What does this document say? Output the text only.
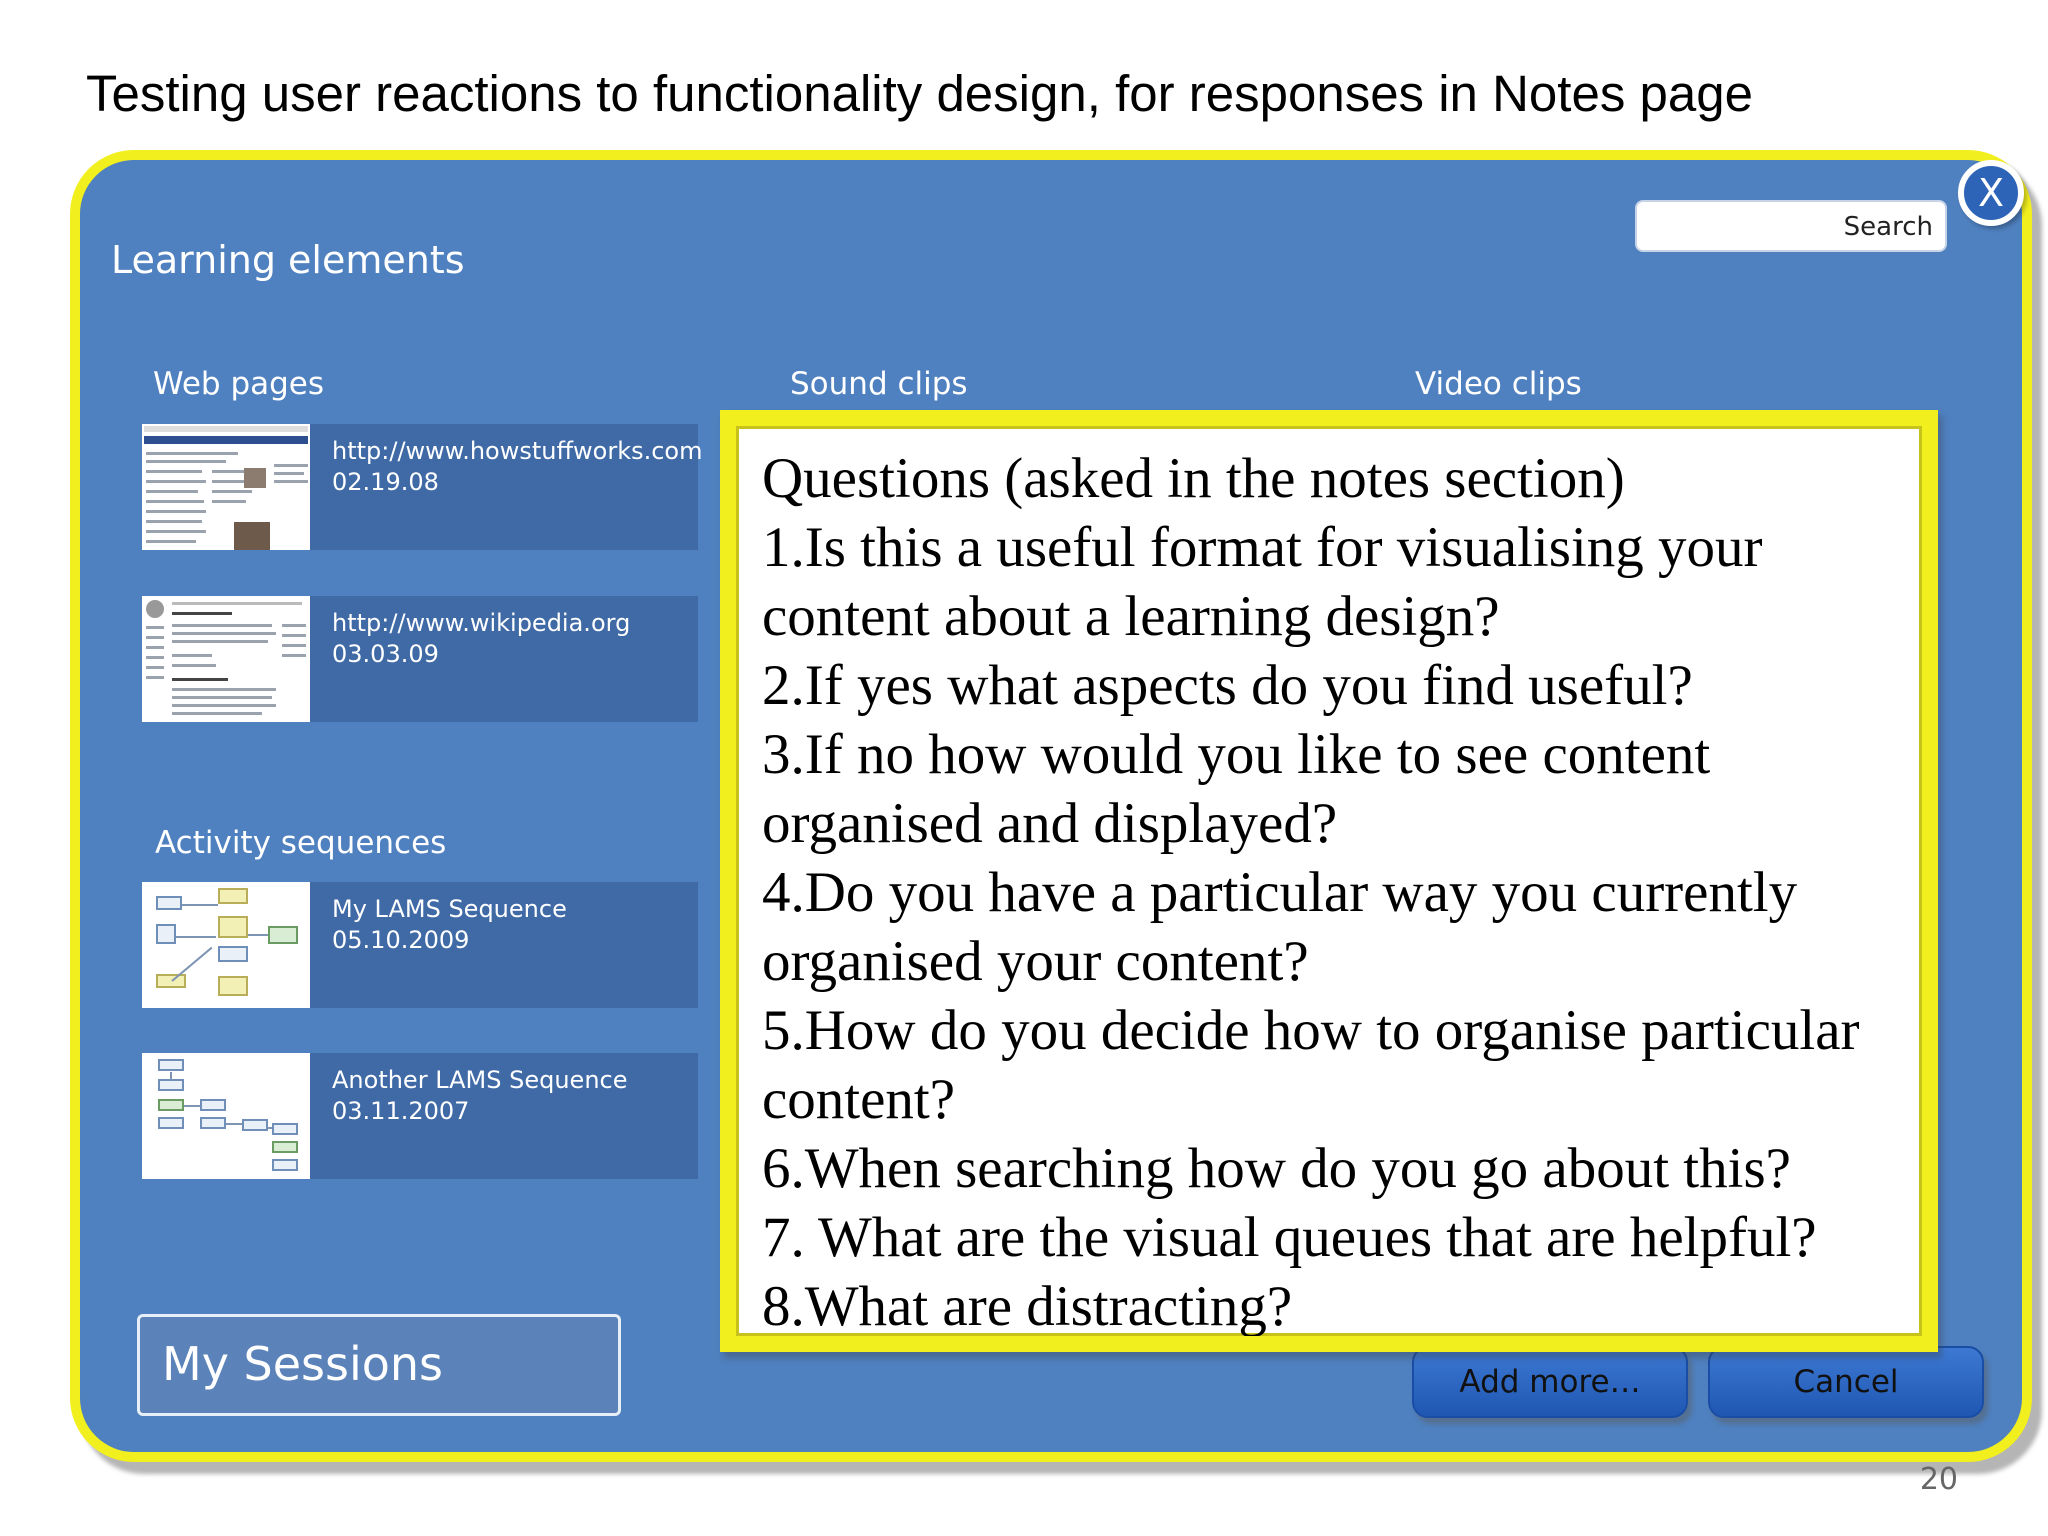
Testing user reactions to functionality design, for responses in Notes page
X
Search
Learning elements
Web pages	Sound clips	Video clips
http://www.howstuffworks.com
02.19.08
http://www.wikipedia.org
03.03.09
Activity sequences
My LAMS Sequence
05.10.2009
Another LAMS Sequence
03.11.2007
My Sessions	Add more…	Cancel
Questions (asked in the notes section)
1.Is this a useful format for visualising your
content about a learning design?
2.If yes what aspects do you find useful?
3.If no how would you like to see content
organised and displayed?
4.Do you have a particular way you currently
organised your content?
5.How do you decide how to organise particular
content?
6.When searching how do you go about this?
7. What are the visual queues that are helpful?
8.What are distracting?
20
